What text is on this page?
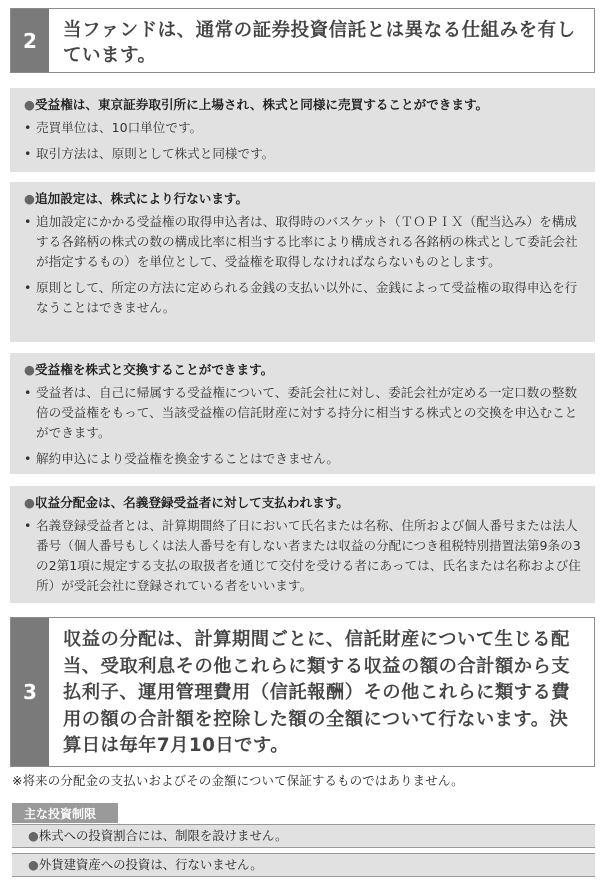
2	当ファンドは、通常の証券投資信託とは異なる仕組みを有しています。
●受益権は、東京証券取引所に上場され、株式と同様に売買することができます。
• 売買単位は、10口単位です。
• 取引方法は、原則として株式と同様です。
●追加設定は、株式により行ないます。
• 追加設定にかかる受益権の取得申込者は、取得時のバスケット（ＴＯＰＩＸ（配当込み）を構成する各銘柄の株式の数の構成比率に相当する比率により構成される各銘柄の株式として委託会社が指定するもの）を単位として、受益権を取得しなければならないものとします。
• 原則として、所定の方法に定められる金銭の支払い以外に、金銭によって受益権の取得申込を行なうことはできません。
●受益権を株式と交換することができます。
• 受益者は、自己に帰属する受益権について、委託会社に対し、委託会社が定める一定口数の整数倍の受益権をもって、当該受益権の信託財産に対する持分に相当する株式との交換を申込むことができます。
• 解約申込により受益権を換金することはできません。
●収益分配金は、名義登録受益者に対して支払われます。
• 名義登録受益者とは、計算期間終了日において氏名または名称、住所および個人番号または法人番号（個人番号もしくは法人番号を有しない者または収益の分配につき租税特別措置法第9条の3の2第1項に規定する支払の取扱者を通じて交付を受ける者にあっては、氏名または名称および住所）が受託会社に登録されている者をいいます。
3
収益の分配は、計算期間ごとに、信託財産について生じる配当、受取利息その他これらに類する収益の額の合計額から支払利子、運用管理費用（信託報酬）その他これらに類する費用の額の合計額を控除した額の全額について行ないます。決算日は毎年7月10日です。
※将来の分配金の支払いおよびその金額について保証するものではありません。
主な投資制限
●株式への投資割合には、制限を設けません。
●外貨建資産への投資は、行ないません。
